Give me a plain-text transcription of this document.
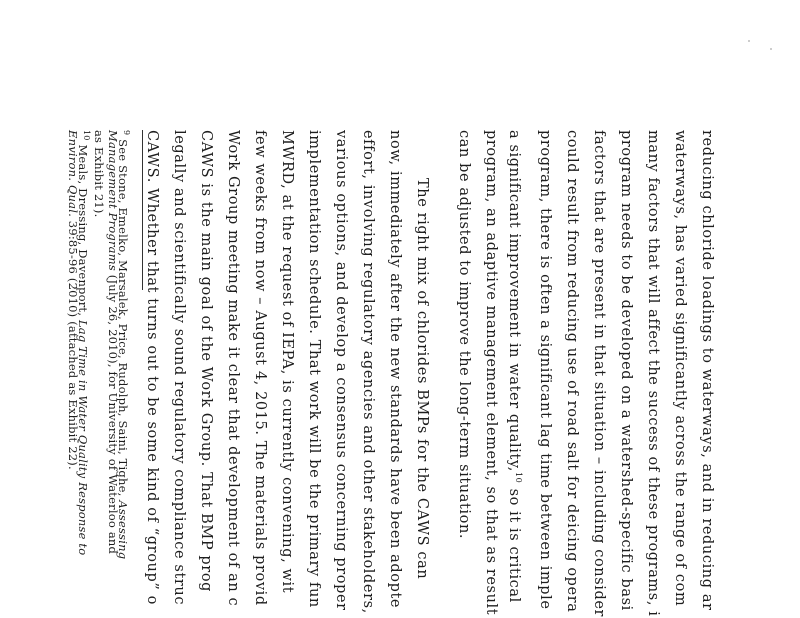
reducing chloride loadings to waterways, and in reducing ar
waterways, has varied significantly across the range of com
many factors that will affect the success of these programs, i
program needs to be developed on a watershed-specific basi
factors that are present in that situation – including consider
could result from reducing use of road salt for deicing opera
program, there is often a significant lag time between imple
a significant improvement in water quality,$^{10}$ so it is critical
program, an adaptive management element, so that as result
can be adjusted to improve the long-term situation.
The right mix of chlorides BMPs for the CAWS can
now, immediately after the new standards have been adopte
effort, involving regulatory agencies and other stakeholders,
various options, and develop a consensus concerning proper
implementation schedule. That work will be the primary fun
MWRD, at the request of IEPA, is currently convening, wit
few weeks from now – August 4, 2015. The materials provid
Work Group meeting make it clear that development of an c
CAWS is the main goal of the Work Group. That BMP prog
legally and scientifically sound regulatory compliance struc
CAWS. Whether that turns out to be some kind of “group” o
$^9$ See Stone, Emelko, Marsalek, Price, Rudolph, Saini, Tighe, Assessing
Management Programs (July 26, 2010), for University of Waterloo and
as Exhibit 21).
$^{10}$ Meals, Dressing, Davenport, Lag Time in Water Quality Response to
Environ. Qual. 39:85-96 (2010) (attached as Exhibit 22).
